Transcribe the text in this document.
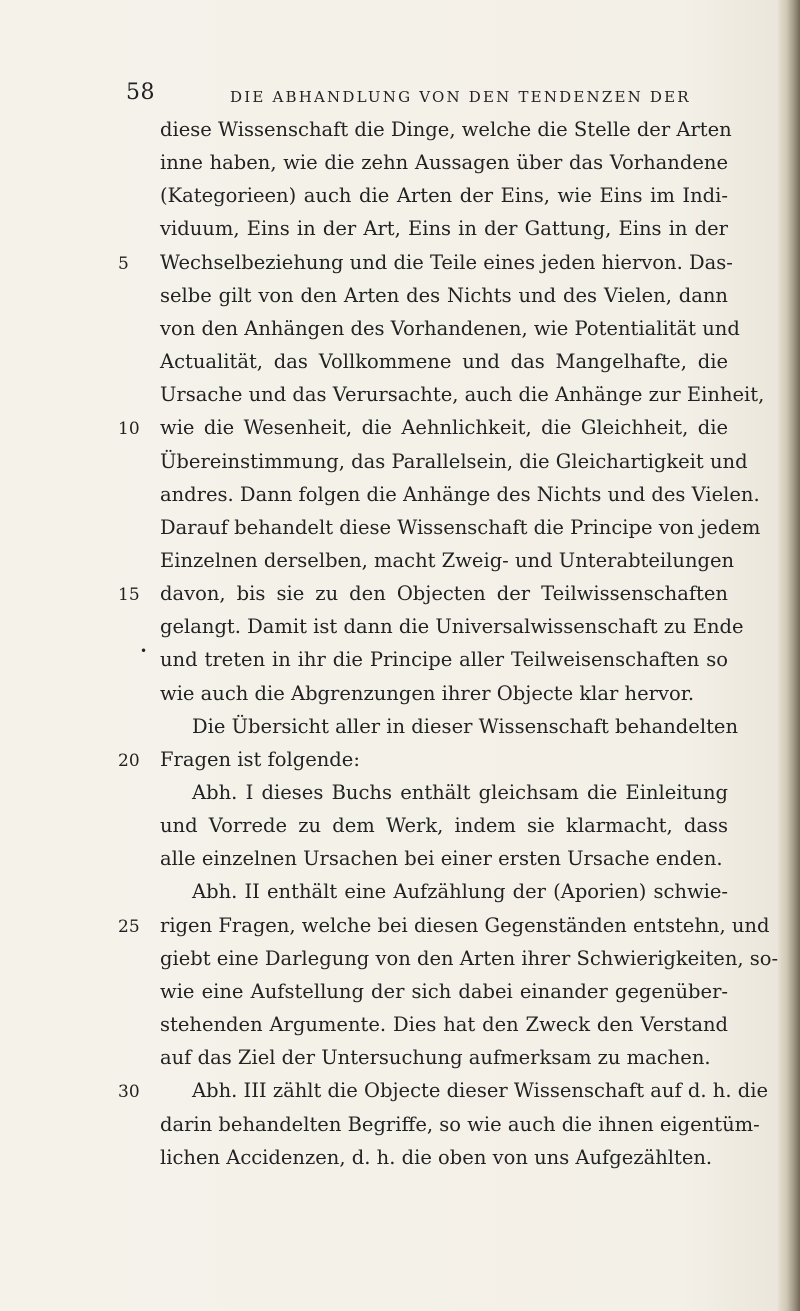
58	DIE ABHANDLUNG VON DEN TENDENZEN DER
•
diese Wissenschaft die Dinge, welche die Stelle der Arten
inne haben, wie die zehn Aussagen über das Vorhandene
(Kategorieen) auch die Arten der Eins, wie Eins im Indi-
viduum, Eins in der Art, Eins in der Gattung, Eins in der
Wechselbeziehung und die Teile eines jeden hiervon. Das-
5
selbe gilt von den Arten des Nichts und des Vielen, dann
von den Anhängen des Vorhandenen, wie Potentialität und
Actualität, das Vollkommene und das Mangelhafte, die
Ursache und das Verursachte, auch die Anhänge zur Einheit,
wie die Wesenheit, die Aehnlichkeit, die Gleichheit, die
10
Übereinstimmung, das Parallelsein, die Gleichartigkeit und
andres. Dann folgen die Anhänge des Nichts und des Vielen.
Darauf behandelt diese Wissenschaft die Principe von jedem
Einzelnen derselben, macht Zweig- und Unterabteilungen
davon, bis sie zu den Objecten der Teilwissenschaften
15
gelangt. Damit ist dann die Universalwissenschaft zu Ende
und treten in ihr die Principe aller Teilweisenschaften so
wie auch die Abgrenzungen ihrer Objecte klar hervor.
Die Übersicht aller in dieser Wissenschaft behandelten
Fragen ist folgende:
20
Abh. I dieses Buchs enthält gleichsam die Einleitung
und Vorrede zu dem Werk, indem sie klarmacht, dass
alle einzelnen Ursachen bei einer ersten Ursache enden.
Abh. II enthält eine Aufzählung der (Aporien) schwie-
rigen Fragen, welche bei diesen Gegenständen entstehn, und
25
giebt eine Darlegung von den Arten ihrer Schwierigkeiten, so-
wie eine Aufstellung der sich dabei einander gegenüber-
stehenden Argumente. Dies hat den Zweck den Verstand
auf das Ziel der Untersuchung aufmerksam zu machen.
Abh. III zählt die Objecte dieser Wissenschaft auf d. h. die
30
darin behandelten Begriffe, so wie auch die ihnen eigentüm-
lichen Accidenzen, d. h. die oben von uns Aufgezählten.
